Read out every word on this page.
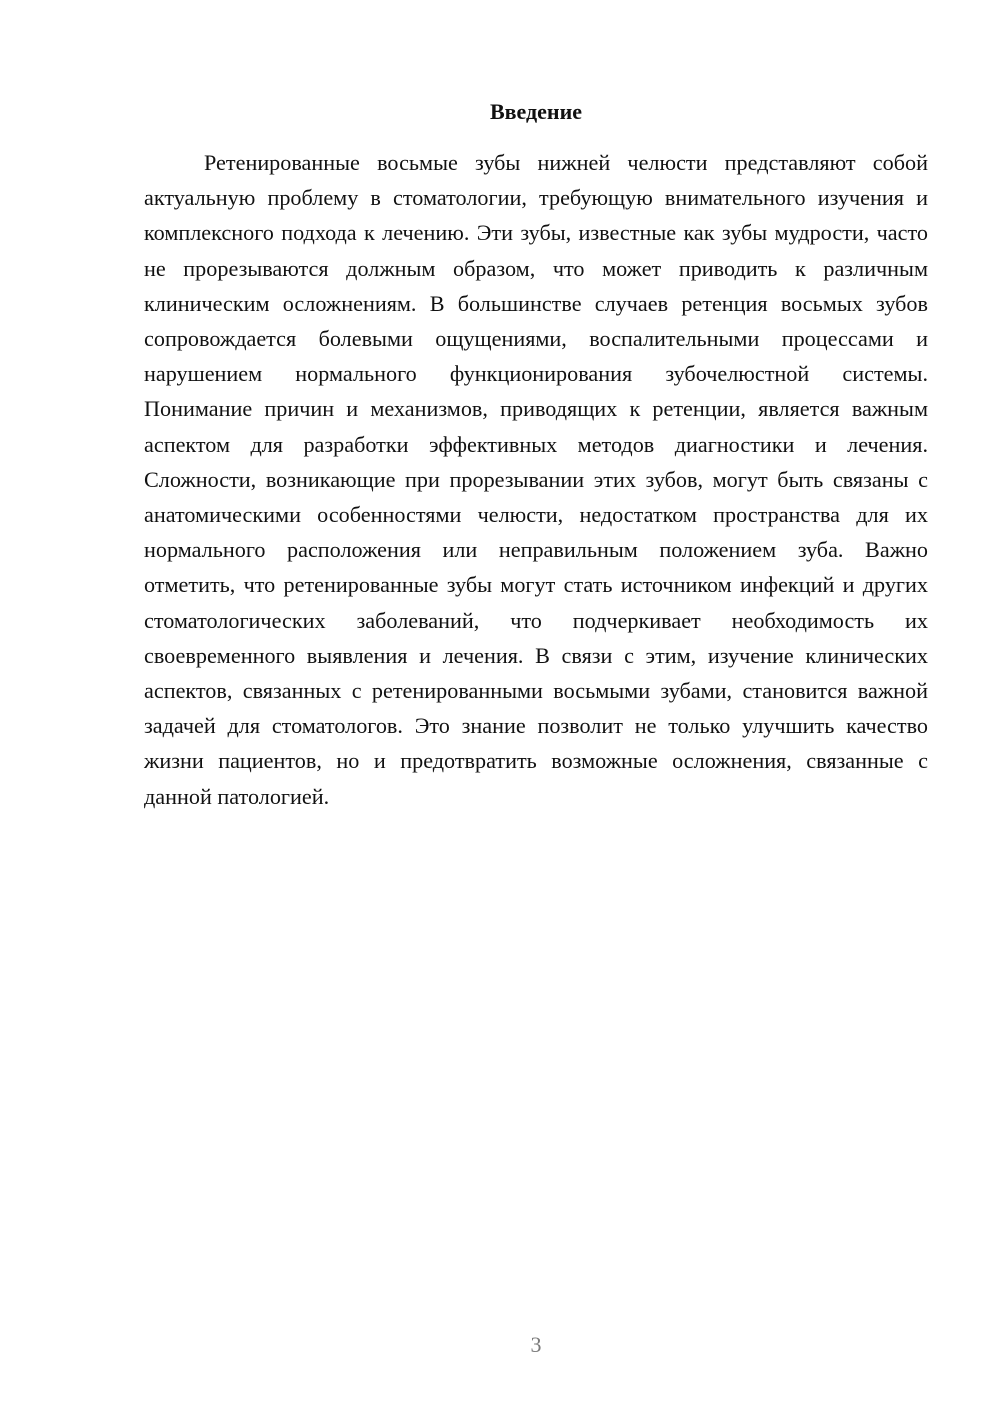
Введение

Ретенированные восьмые зубы нижней челюсти представляют собой актуальную проблему в стоматологии, требующую внимательного изучения и комплексного подхода к лечению. Эти зубы, известные как зубы мудрости, часто не прорезываются должным образом, что может приводить к различным клиническим осложнениям. В большинстве случаев ретенция восьмых зубов сопровождается болевыми ощущениями, воспалительными процессами и нарушением нормального функционирования зубочелюстной системы. Понимание причин и механизмов, приводящих к ретенции, является важным аспектом для разработки эффективных методов диагностики и лечения. Сложности, возникающие при прорезывании этих зубов, могут быть связаны с анатомическими особенностями челюсти, недостатком пространства для их нормального расположения или неправильным положением зуба. Важно отметить, что ретенированные зубы могут стать источником инфекций и других стоматологических заболеваний, что подчеркивает необходимость их своевременного выявления и лечения. В связи с этим, изучение клинических аспектов, связанных с ретенированными восьмыми зубами, становится важной задачей для стоматологов. Это знание позволит не только улучшить качество жизни пациентов, но и предотвратить возможные осложнения, связанные с данной патологией.

3
